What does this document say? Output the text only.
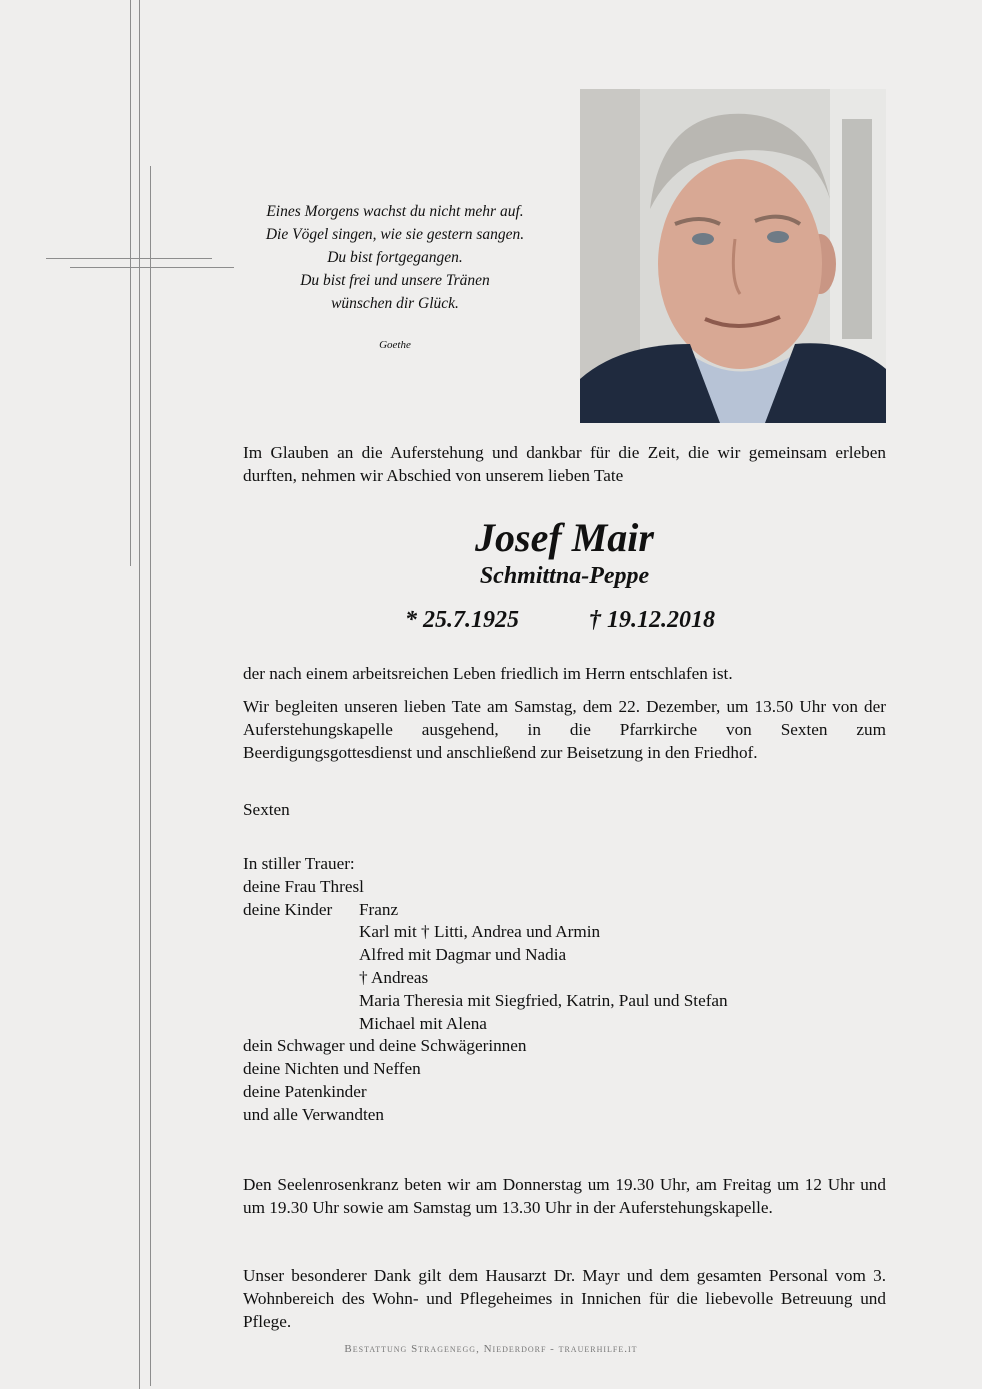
Eines Morgens wachst du nicht mehr auf.
Die Vögel singen, wie sie gestern sangen.
Du bist fortgegangen.
Du bist frei und unsere Tränen
wünschen dir Glück.
Goethe
Im Glauben an die Auferstehung und dankbar für die Zeit, die wir gemeinsam erleben durften, nehmen wir Abschied von unserem lieben Tate
Josef Mair
Schmittna-Peppe
* 25.7.1925	† 19.12.2018
der nach einem arbeitsreichen Leben friedlich im Herrn entschlafen ist.
Wir begleiten unseren lieben Tate am Samstag, dem 22. Dezember, um 13.50 Uhr von der Auferstehungskapelle ausgehend, in die Pfarrkirche von Sexten zum Beerdigungsgottesdienst und anschließend zur Beisetzung in den Friedhof.
Sexten
In stiller Trauer:
deine Frau Thresl
deine Kinder Franz
Karl mit † Litti, Andrea und Armin
Alfred mit Dagmar und Nadia
† Andreas
Maria Theresia mit Siegfried, Katrin, Paul und Stefan
Michael mit Alena
dein Schwager und deine Schwägerinnen
deine Nichten und Neffen
deine Patenkinder
und alle Verwandten
Den Seelenrosenkranz beten wir am Donnerstag um 19.30 Uhr, am Freitag um 12 Uhr und um 19.30 Uhr sowie am Samstag um 13.30 Uhr in der Auferstehungskapelle.
Unser besonderer Dank gilt dem Hausarzt Dr. Mayr und dem gesamten Personal vom 3. Wohnbereich des Wohn- und Pflegeheimes in Innichen für die liebevolle Betreuung und Pflege.
Bestattung Stragenegg, Niederdorf - trauerhilfe.it
